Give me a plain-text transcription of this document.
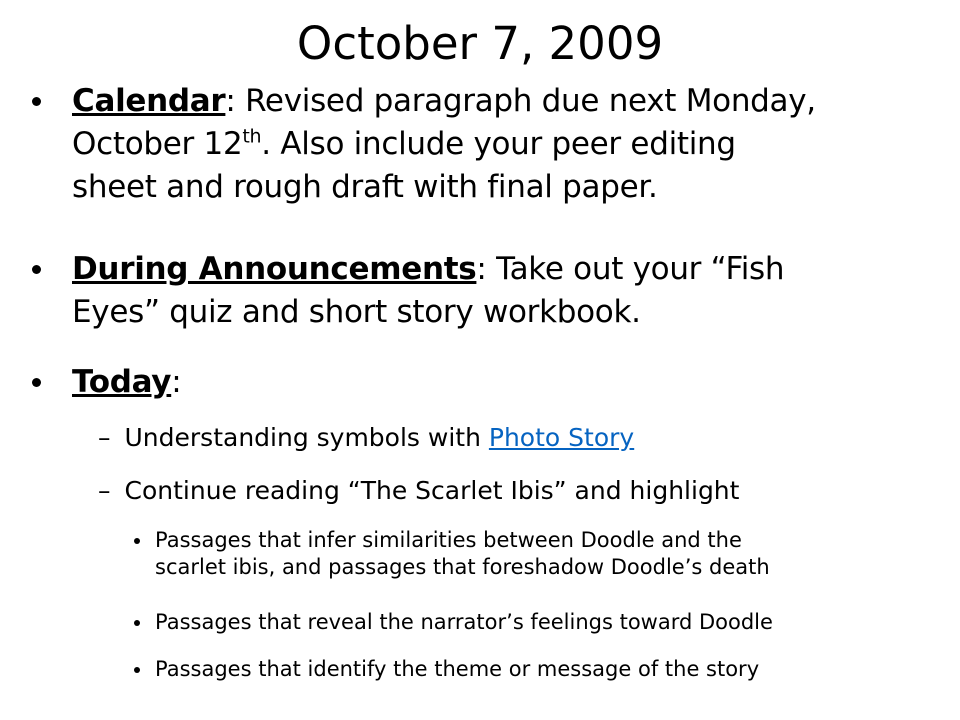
October 7, 2009
Calendar: Revised paragraph due next Monday,
October 12th. Also include your peer editing
sheet and rough draft with final paper.
During Announcements: Take out your “Fish
Eyes” quiz and short story workbook.
Today:
– Understanding symbols with Photo Story
– Continue reading “The Scarlet Ibis” and highlight
Passages that infer similarities between Doodle and the
scarlet ibis, and passages that foreshadow Doodle’s death
Passages that reveal the narrator’s feelings toward Doodle
Passages that identify the theme or message of the story
